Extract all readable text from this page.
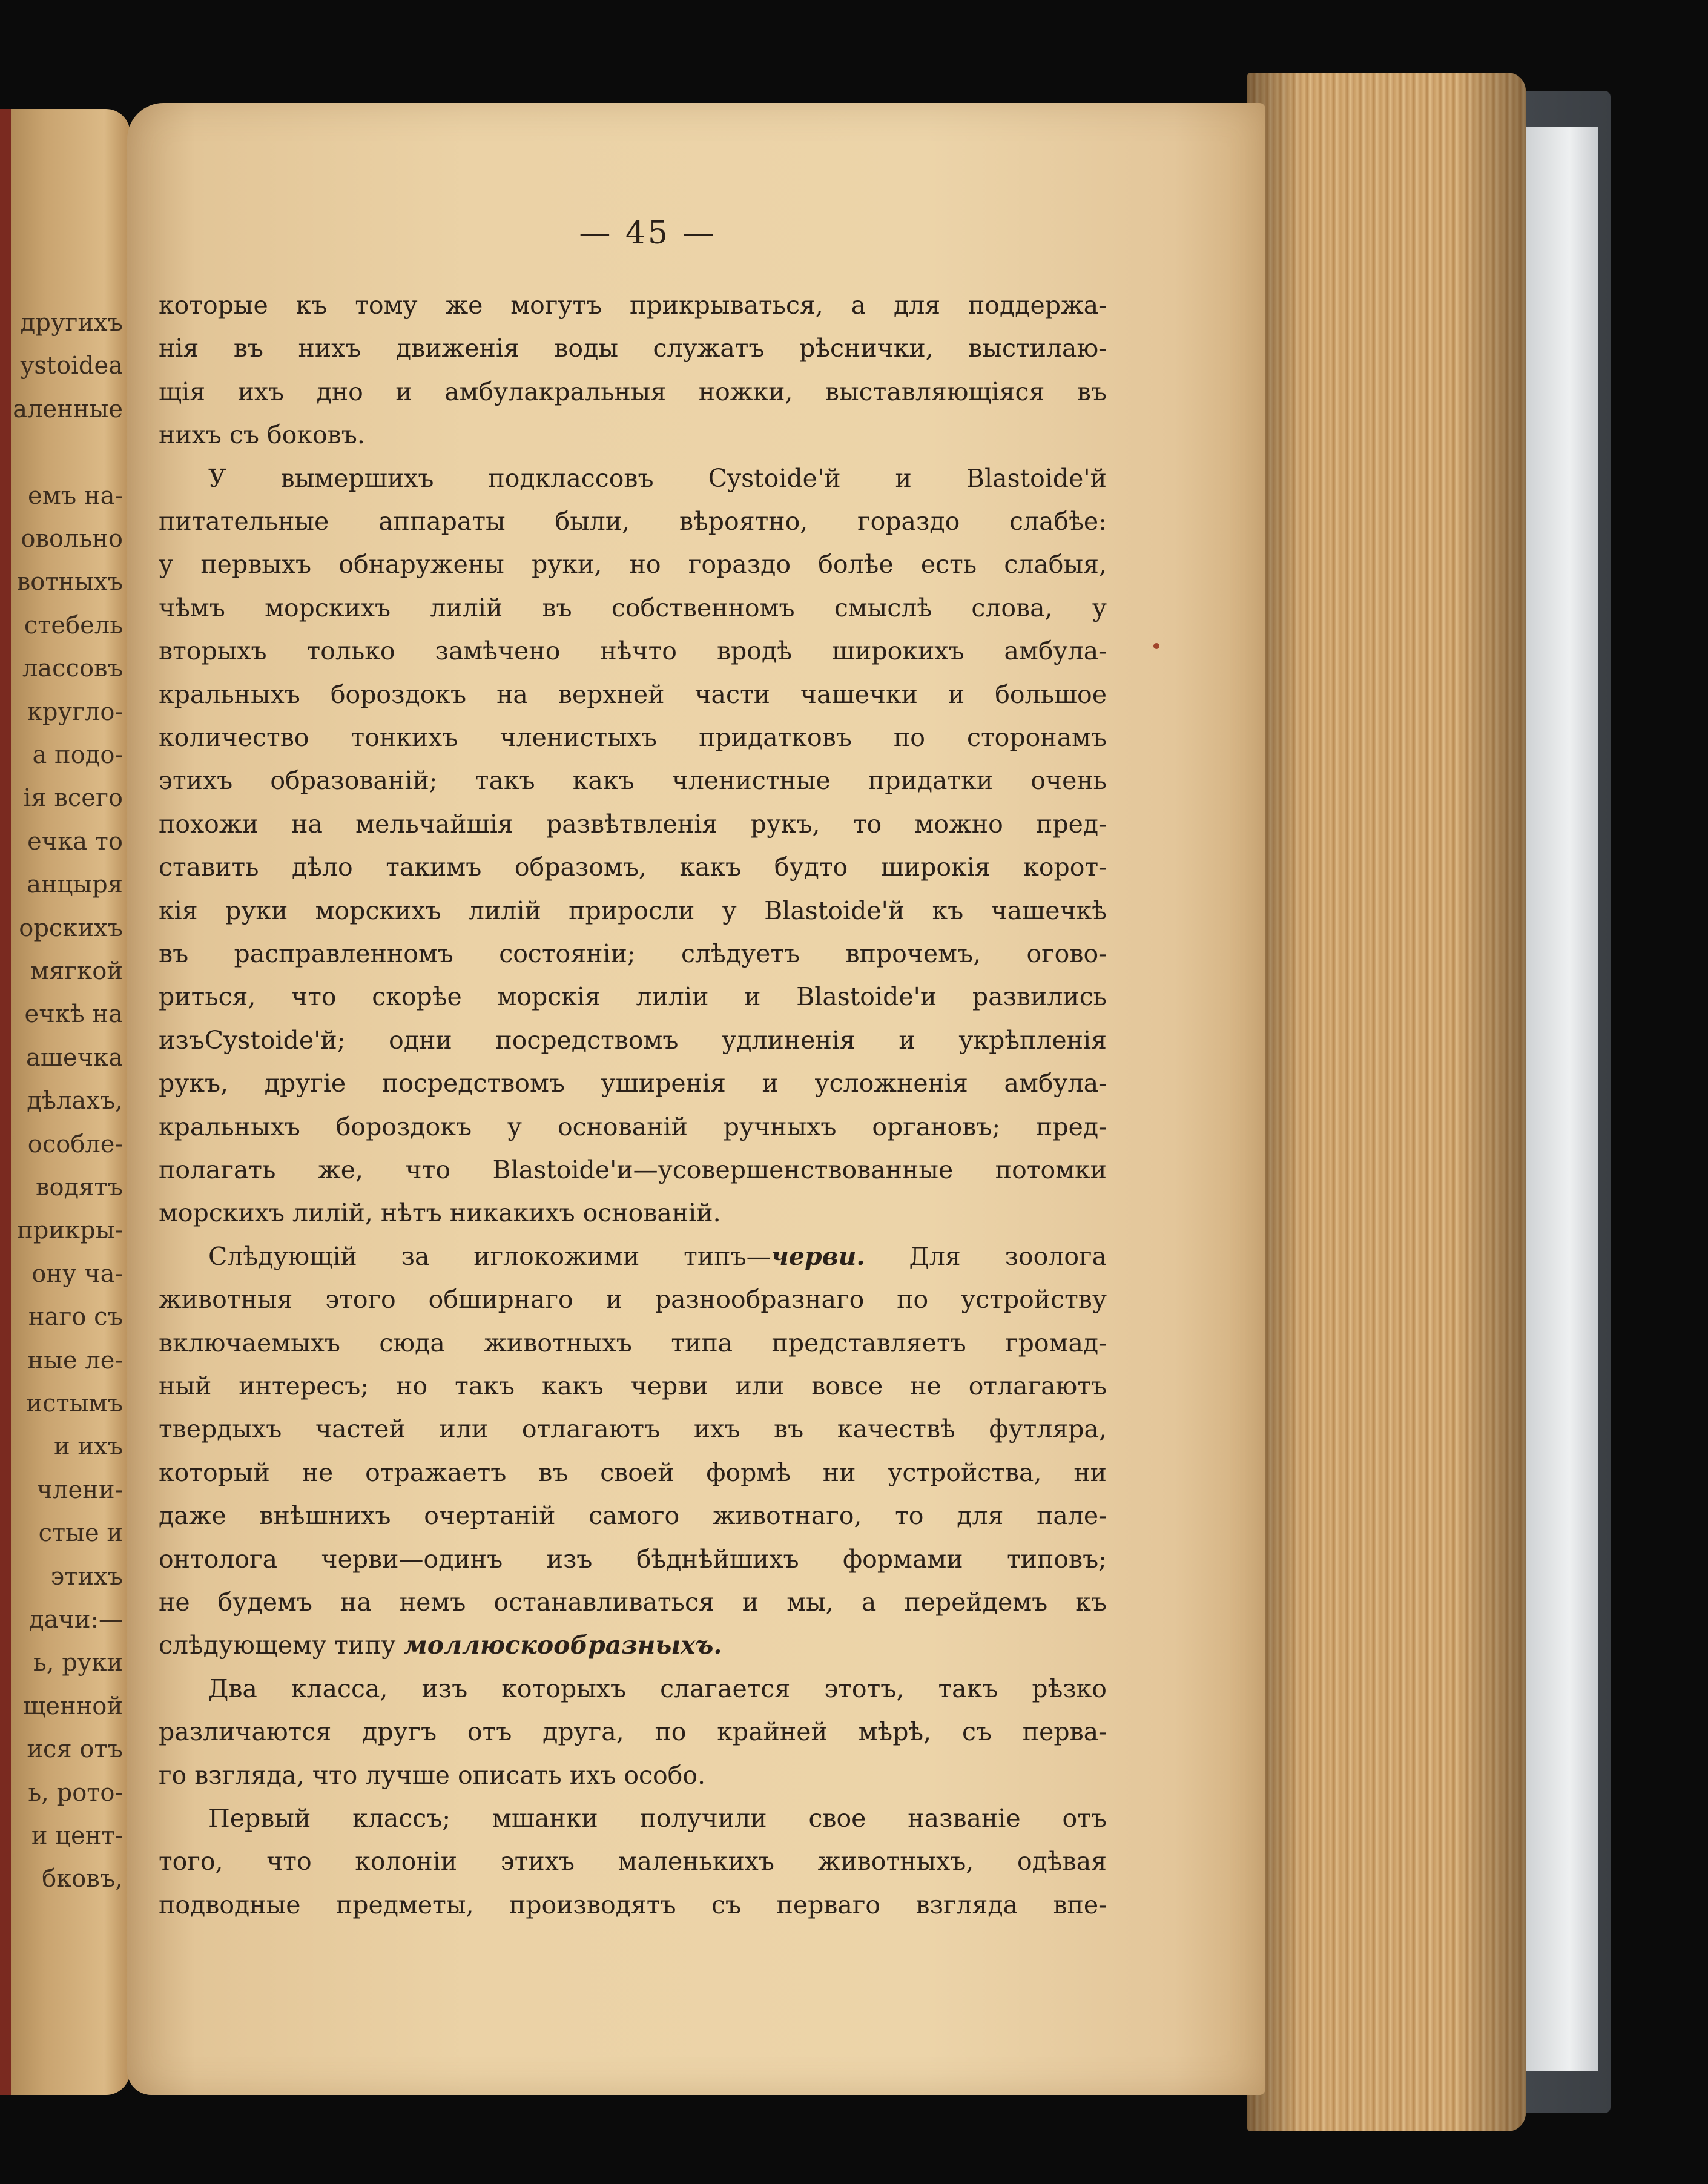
другихъ
ystoidea
аленные
емъ на-
овольно
вотныхъ
стебель
лассовъ
кругло-
а подо-
ія всего
ечка то
анцыря
орскихъ
мягкой
ечкѣ на
ашечка
дѣлахъ,
особле-
водятъ
прикры-
ону ча-
наго съ
ные ле-
истымъ
и ихъ
члени-
стые и
этихъ
дачи:—
ь, руки
щенной
ися отъ
ь, рото-
и цент-
бковъ,
— 45 —
которые къ тому же могутъ прикрываться, а для поддержа-
нія въ нихъ движенія воды служатъ рѣснички, выстилаю-
щія ихъ дно и амбулакральныя ножки, выставляющіяся въ
нихъ съ боковъ.
У вымершихъ подклассовъ Cystoide'й и Blastoide'й
питательные аппараты были, вѣроятно, гораздо слабѣе:
у первыхъ обнаружены руки, но гораздо болѣе есть слабыя,
чѣмъ морскихъ лилій въ собственномъ смыслѣ слова, у
вторыхъ только замѣчено нѣчто вродѣ широкихъ амбула-
кральныхъ бороздокъ на верхней части чашечки и большое
количество тонкихъ членистыхъ придатковъ по сторонамъ
этихъ образованій; такъ какъ членистные придатки очень
похожи на мельчайшія развѣтвленія рукъ, то можно пред-
ставить дѣло такимъ образомъ, какъ будто широкія корот-
кія руки морскихъ лилій приросли у Blastoide'й къ чашечкѣ
въ расправленномъ состояніи; слѣдуетъ впрочемъ, огово-
риться, что скорѣе морскія лиліи и Blastoide'и развились
изъCystoide'й; одни посредствомъ удлиненія и укрѣпленія
рукъ, другіе посредствомъ уширенія и усложненія амбула-
кральныхъ бороздокъ у основаній ручныхъ органовъ; пред-
полагать же, что Blastoide'и—усовершенствованные потомки
морскихъ лилій, нѣтъ никакихъ основаній.
Слѣдующій за иглокожими типъ—черви. Для зоолога
животныя этого обширнаго и разнообразнаго по устройству
включаемыхъ сюда животныхъ типа представляетъ громад-
ный интересъ; но такъ какъ черви или вовсе не отлагаютъ
твердыхъ частей или отлагаютъ ихъ въ качествѣ футляра,
который не отражаетъ въ своей формѣ ни устройства, ни
даже внѣшнихъ очертаній самого животнаго, то для пале-
онтолога черви—одинъ изъ бѣднѣйшихъ формами типовъ;
не будемъ на немъ останавливаться и мы, а перейдемъ къ
слѣдующему типу моллюскообразныхъ.
Два класса, изъ которыхъ слагается этотъ, такъ рѣзко
различаются другъ отъ друга, по крайней мѣрѣ, съ перва-
го взгляда, что лучше описать ихъ особо.
Первый классъ; мшанки получили свое названіе отъ
того, что колоніи этихъ маленькихъ животныхъ, одѣвая
подводные предметы, производятъ съ перваго взгляда впе-
